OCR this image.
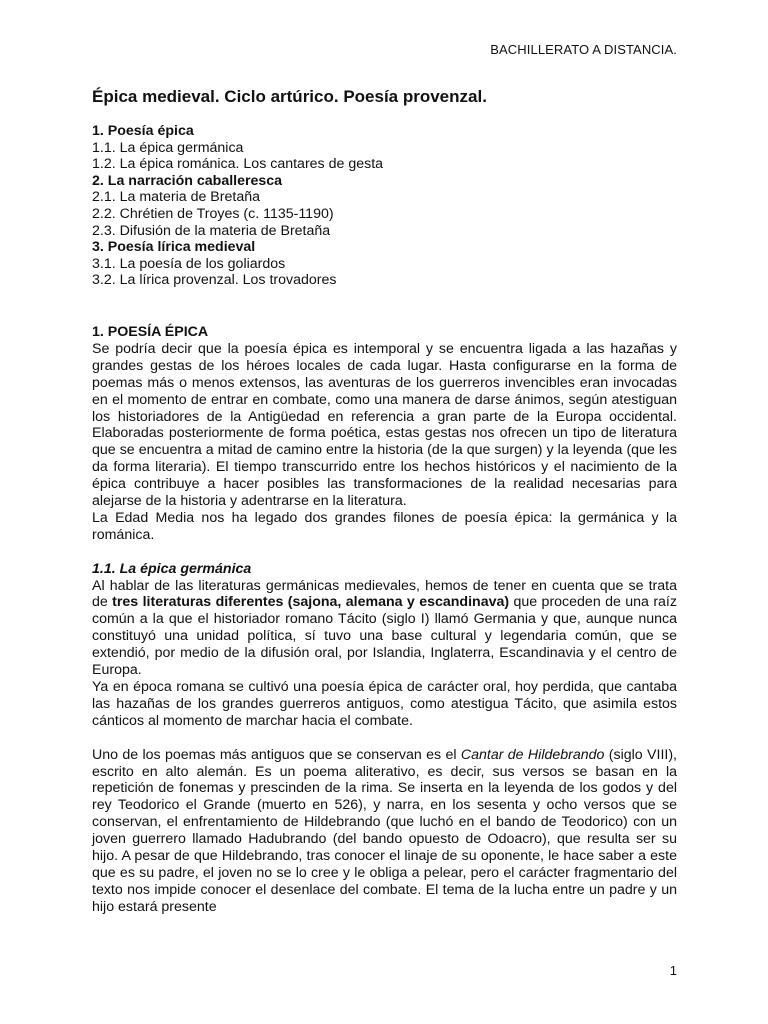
BACHILLERATO A DISTANCIA.
Épica medieval. Ciclo artúrico. Poesía provenzal.
1. Poesía épica
1.1. La épica germánica
1.2. La épica románica. Los cantares de gesta
2. La narración caballeresca
2.1. La materia de Bretaña
2.2. Chrétien de Troyes (c. 1135-1190)
2.3. Difusión de la materia de Bretaña
3. Poesía lírica medieval
3.1. La poesía de los goliardos
3.2. La lírica provenzal. Los trovadores
1. POESÍA ÉPICA

Se podría decir que la poesía épica es intemporal y se encuentra ligada a las hazañas y grandes gestas de los héroes locales de cada lugar. Hasta configurarse en la forma de poemas más o menos extensos, las aventuras de los guerreros invencibles eran invocadas en el momento de entrar en combate, como una manera de darse ánimos, según atestiguan los historiadores de la Antigüedad en referencia a gran parte de la Europa occidental. Elaboradas posteriormente de forma poética, estas gestas nos ofrecen un tipo de literatura que se encuentra a mitad de camino entre la historia (de la que surgen) y la leyenda (que les da forma literaria). El tiempo transcurrido entre los hechos históricos y el nacimiento de la épica contribuye a hacer posibles las transformaciones de la realidad necesarias para alejarse de la historia y adentrarse en la literatura.

La Edad Media nos ha legado dos grandes filones de poesía épica: la germánica y la románica.

1.1. La épica germánica

Al hablar de las literaturas germánicas medievales, hemos de tener en cuenta que se trata de tres literaturas diferentes (sajona, alemana y escandinava) que proceden de una raíz común a la que el historiador romano Tácito (siglo I) llamó Germania y que, aunque nunca constituyó una unidad política, sí tuvo una base cultural y legendaria común, que se extendió, por medio de la difusión oral, por Islandia, Inglaterra, Escandinavia y el centro de Europa.

Ya en época romana se cultivó una poesía épica de carácter oral, hoy perdida, que cantaba las hazañas de los grandes guerreros antiguos, como atestigua Tácito, que asimila estos cánticos al momento de marchar hacia el combate.

Uno de los poemas más antiguos que se conservan es el Cantar de Hildebrando (siglo VIII), escrito en alto alemán. Es un poema aliterativo, es decir, sus versos se basan en la repetición de fonemas y prescinden de la rima. Se inserta en la leyenda de los godos y del rey Teodorico el Grande (muerto en 526), y narra, en los sesenta y ocho versos que se conservan, el enfrentamiento de Hildebrando (que luchó en el bando de Teodorico) con un joven guerrero llamado Hadubrando (del bando opuesto de Odoacro), que resulta ser su hijo. A pesar de que Hildebrando, tras conocer el linaje de su oponente, le hace saber a este que es su padre, el joven no se lo cree y le obliga a pelear, pero el carácter fragmentario del texto nos impide conocer el desenlace del combate. El tema de la lucha entre un padre y un hijo estará presente

1
